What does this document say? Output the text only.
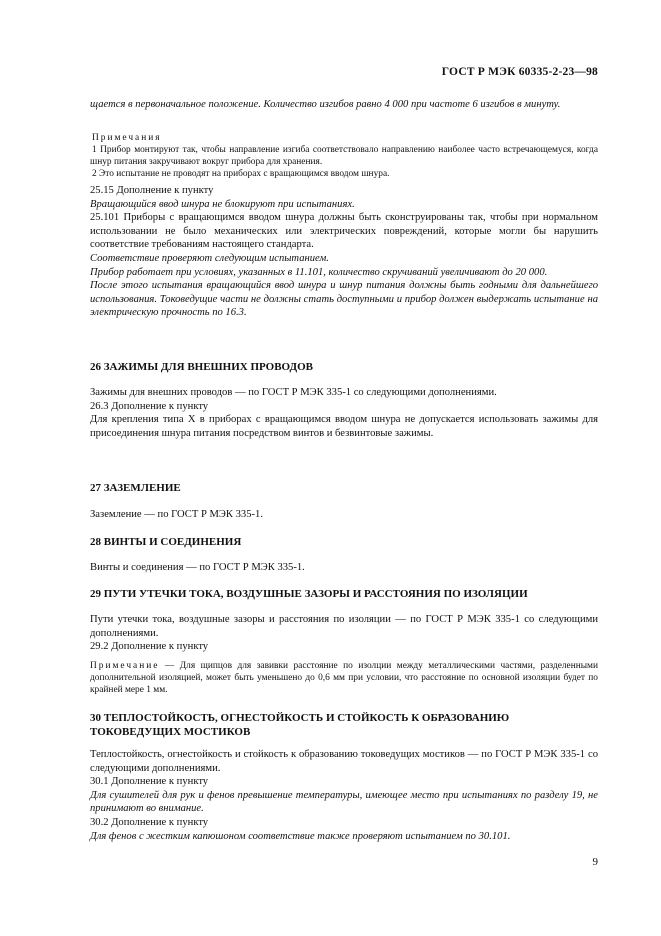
ГОСТ Р МЭК 60335-2-23—98

щается в первоначальное положение. Количество изгибов равно 4 000 при частоте 6 изгибов в минуту.

Примечания

1 Прибор монтируют так, чтобы направление изгиба соответствовало направлению наиболее часто встречающемуся, когда шнур питания закручивают вокруг прибора для хранения.

2 Это испытание не проводят на приборах с вращающимся вводом шнура.

25.15 Дополнение к пункту

Вращающийся ввод шнура не блокируют при испытаниях.

25.101 Приборы с вращающимся вводом шнура должны быть сконструированы так, чтобы при нормальном использовании не было механических или электрических повреждений, которые могли бы нарушить соответствие требованиям настоящего стандарта.

Соответствие проверяют следующим испытанием.

Прибор работает при условиях, указанных в 11.101, количество скручиваний увеличивают до 20 000.

После этого испытания вращающийся ввод шнура и шнур питания должны быть годными для дальнейшего использования. Токоведущие части не должны стать доступными и прибор должен выдержать испытание на электрическую прочность по 16.3.

26 ЗАЖИМЫ ДЛЯ ВНЕШНИХ ПРОВОДОВ

Зажимы для внешних проводов — по ГОСТ Р МЭК 335-1 со следующими дополнениями.

26.3 Дополнение к пункту

Для крепления типа X в приборах с вращающимся вводом шнура не допускается использовать зажимы для присоединения шнура питания посредством винтов и безвинтовые зажимы.

27 ЗАЗЕМЛЕНИЕ

Заземление — по ГОСТ Р МЭК 335-1.

28 ВИНТЫ И СОЕДИНЕНИЯ

Винты и соединения — по ГОСТ Р МЭК 335-1.

29 ПУТИ УТЕЧКИ ТОКА, ВОЗДУШНЫЕ ЗАЗОРЫ И РАССТОЯНИЯ ПО ИЗОЛЯЦИИ

Пути утечки тока, воздушные зазоры и расстояния по изоляции — по ГОСТ Р МЭК 335-1 со следующими дополнениями.

29.2 Дополнение к пункту

Примечание — Для щипцов для завивки расстояние по изолции между металлическими частями, разделенными дополнительной изоляцией, может быть уменьшено до 0,6 мм при условии, что расстояние по основной изоляции будет по крайней мере 1 мм.

30 ТЕПЛОСТОЙКОСТЬ, ОГНЕСТОЙКОСТЬ И СТОЙКОСТЬ К ОБРАЗОВАНИЮ ТОКОВЕДУЩИХ МОСТИКОВ

Теплостойкость, огнестойкость и стойкость к образованию токоведущих мостиков — по ГОСТ Р МЭК 335-1 со следующими дополнениями.

30.1 Дополнение к пункту

Для сушителей для рук и фенов превышение температуры, имеющее место при испытаниях по разделу 19, не принимают во внимание.

30.2 Дополнение к пункту

Для фенов с жестким капюшоном соответствие также проверяют испытанием по 30.101.

9
